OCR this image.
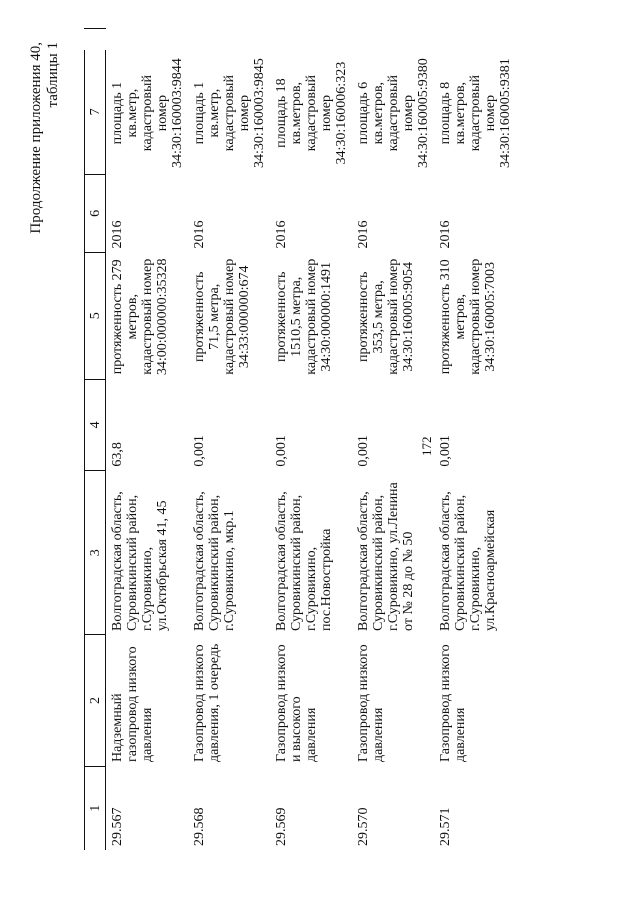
Продолжение приложения 40, таблицы 1
172
1	2	3	4	5	6	7
29.567	Надземный газопровод низкого давления	Волгоградская область, Суровикинский район, г.Суровикино, ул.Октябрьская 41, 45	63,8	протяженность 279 метров, кадастровый номер 34:00:000000:35328	2016	площадь 1 кв.метр, кадастровый номер 34:30:160003:9844
29.568	Газопровод низкого давления, 1 очередь	Волгоградская область, Суровикинский район, г.Суровикино, мкр.1	0,001	протяженность 71,5 метра, кадастровый номер 34:33:000000:674	2016	площадь 1 кв.метр, кадастровый номер 34:30:160003:9845
29.569	Газопровод низкого и высокого давления	Волгоградская область, Суровикинский район, г.Суровикино, пос.Новостройка	0,001	протяженность 1510,5 метра, кадастровый номер 34:30:000000:1491	2016	площадь 18 кв.метров, кадастровый номер 34:30:160006:323
29.570	Газопровод низкого давления	Волгоградская область, Суровикинский район, г.Суровикино, ул.Ленина от № 28 до № 50	0,001	протяженность 353,5 метра, кадастровый номер 34:30:160005:9054	2016	площадь 6 кв.метров, кадастровый номер 34:30:160005:9380
29.571	Газопровод низкого давления	Волгоградская область, Суровикинский район, г.Суровикино, ул.Красноармейская	0,001	протяженность 310 метров, кадастровый номер 34:30:160005:7003	2016	площадь 8 кв.метров, кадастровый номер 34:30:160005:9381
